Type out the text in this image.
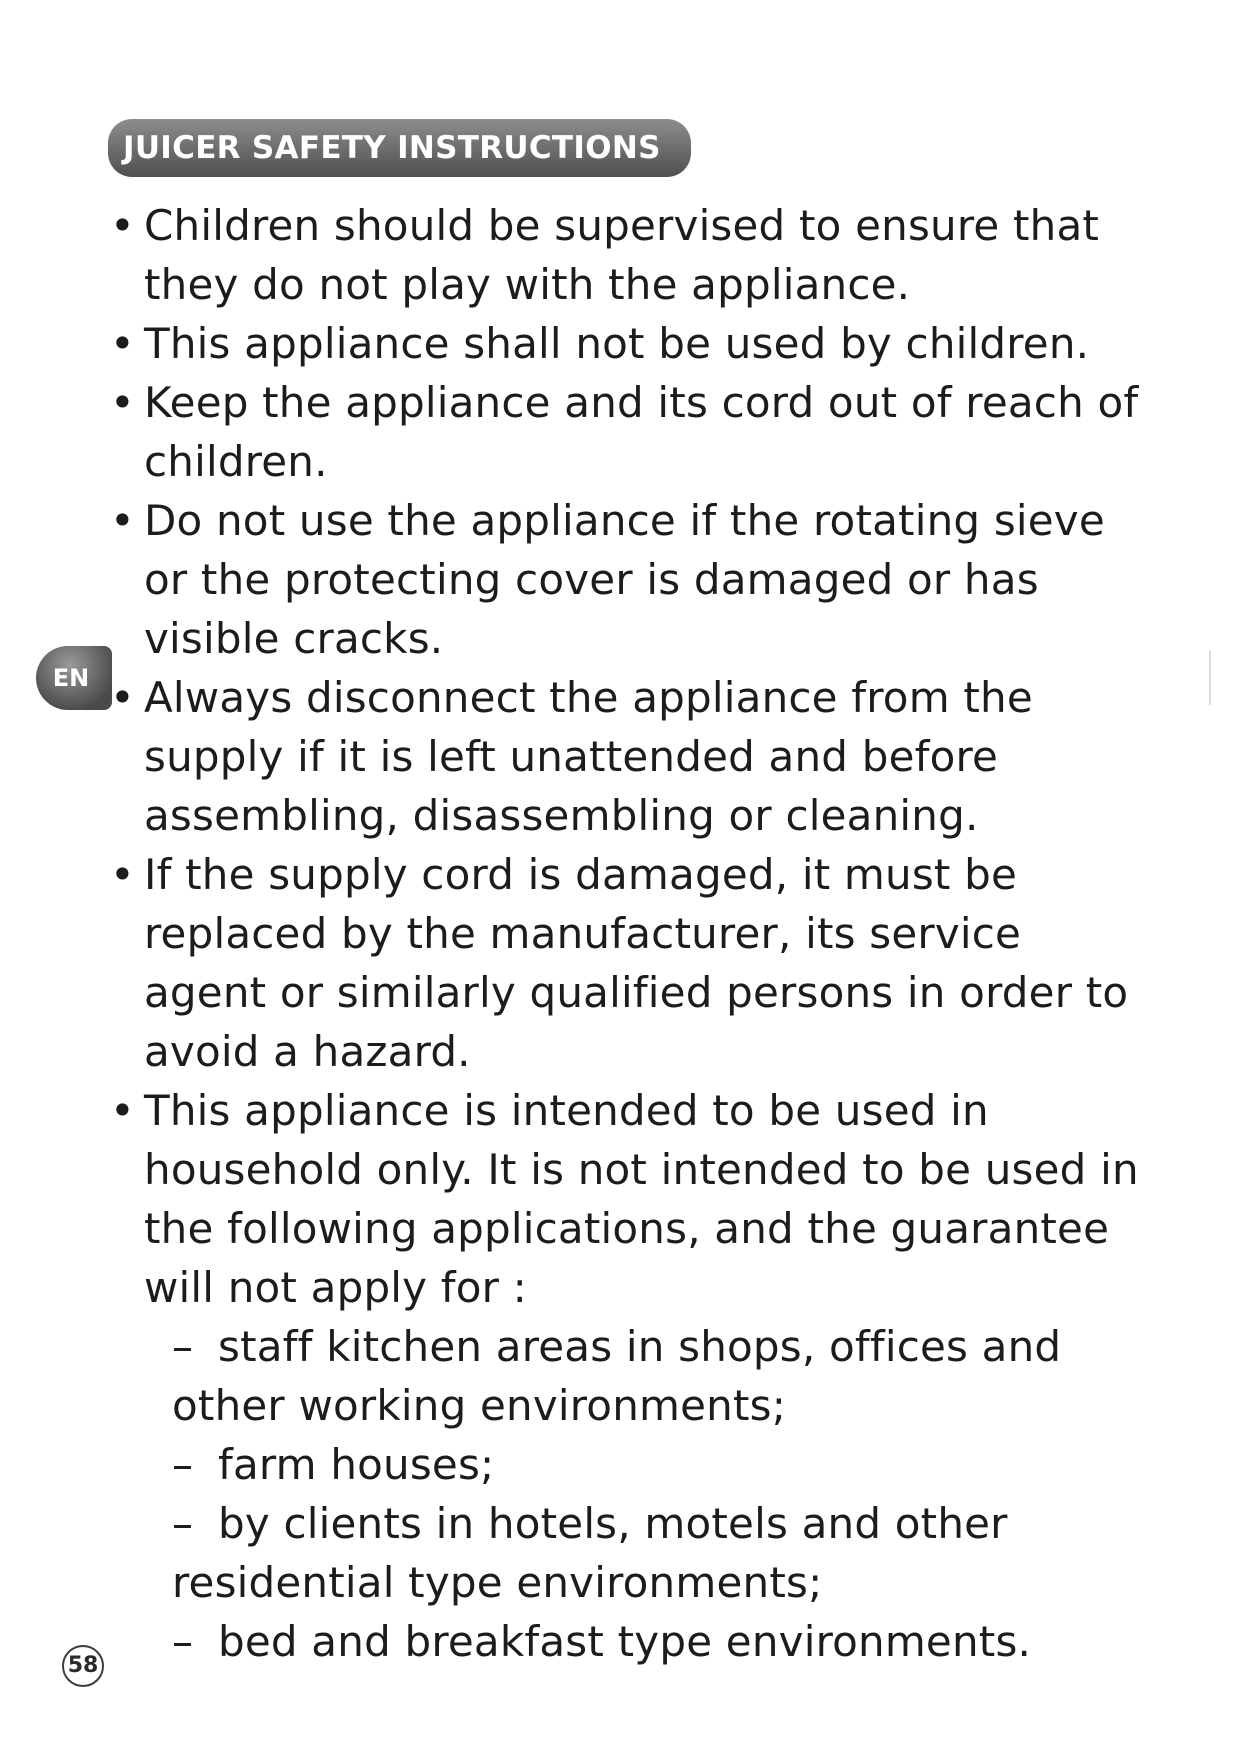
JUICER SAFETY INSTRUCTIONS
EN

• Children should be supervised to ensure that they do not play with the appliance.

• This appliance shall not be used by children.

• Keep the appliance and its cord out of reach of children.

• Do not use the appliance if the rotating sieve or the protecting cover is damaged or has visible cracks.

• Always disconnect the appliance from the supply if it is left unattended and before assembling, disassembling or cleaning.

• If the supply cord is damaged, it must be replaced by the manufacturer, its service agent or similarly qualified persons in order to avoid a hazard.

• This appliance is intended to be used in household only. It is not intended to be used in the following applications, and the guarantee will not apply for :

– staff kitchen areas in shops, offices and other working environments;

– farm houses;

– by clients in hotels, motels and other residential type environments;

– bed and breakfast type environments.

58
